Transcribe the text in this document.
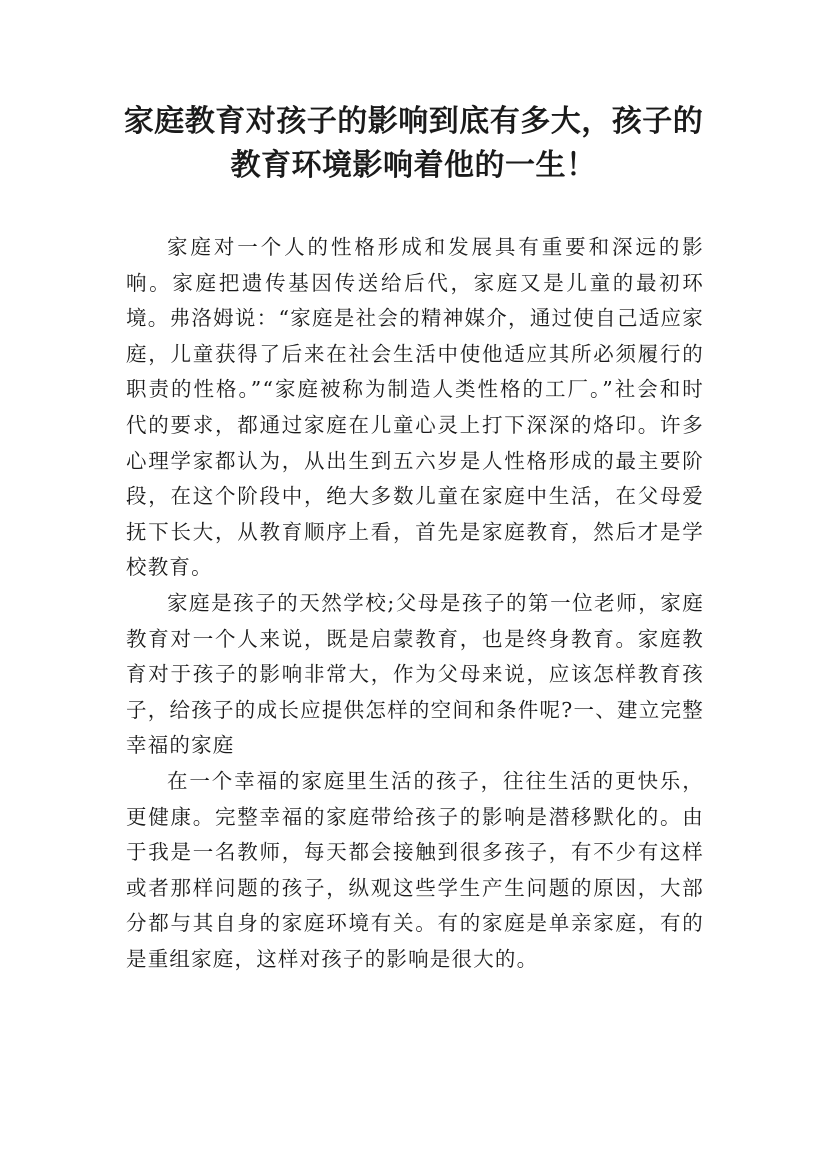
家庭教育对孩子的影响到底有多大，孩子的
教育环境影响着他的一生！

家庭对一个人的性格形成和发展具有重要和深远的影响。家庭把遗传基因传送给后代，家庭又是儿童的最初环境。弗洛姆说：“家庭是社会的精神媒介，通过使自己适应家庭，儿童获得了后来在社会生活中使他适应其所必须履行的职责的性格。”“家庭被称为制造人类性格的工厂。”社会和时代的要求，都通过家庭在儿童心灵上打下深深的烙印。许多心理学家都认为，从出生到五六岁是人性格形成的最主要阶段，在这个阶段中，绝大多数儿童在家庭中生活，在父母爱抚下长大，从教育顺序上看，首先是家庭教育，然后才是学校教育。

家庭是孩子的天然学校;父母是孩子的第一位老师，家庭教育对一个人来说，既是启蒙教育，也是终身教育。家庭教育对于孩子的影响非常大，作为父母来说，应该怎样教育孩子，给孩子的成长应提供怎样的空间和条件呢?一、建立完整幸福的家庭

在一个幸福的家庭里生活的孩子，往往生活的更快乐，更健康。完整幸福的家庭带给孩子的影响是潜移默化的。由于我是一名教师，每天都会接触到很多孩子，有不少有这样或者那样问题的孩子，纵观这些学生产生问题的原因，大部分都与其自身的家庭环境有关。有的家庭是单亲家庭，有的是重组家庭，这样对孩子的影响是很大的。
